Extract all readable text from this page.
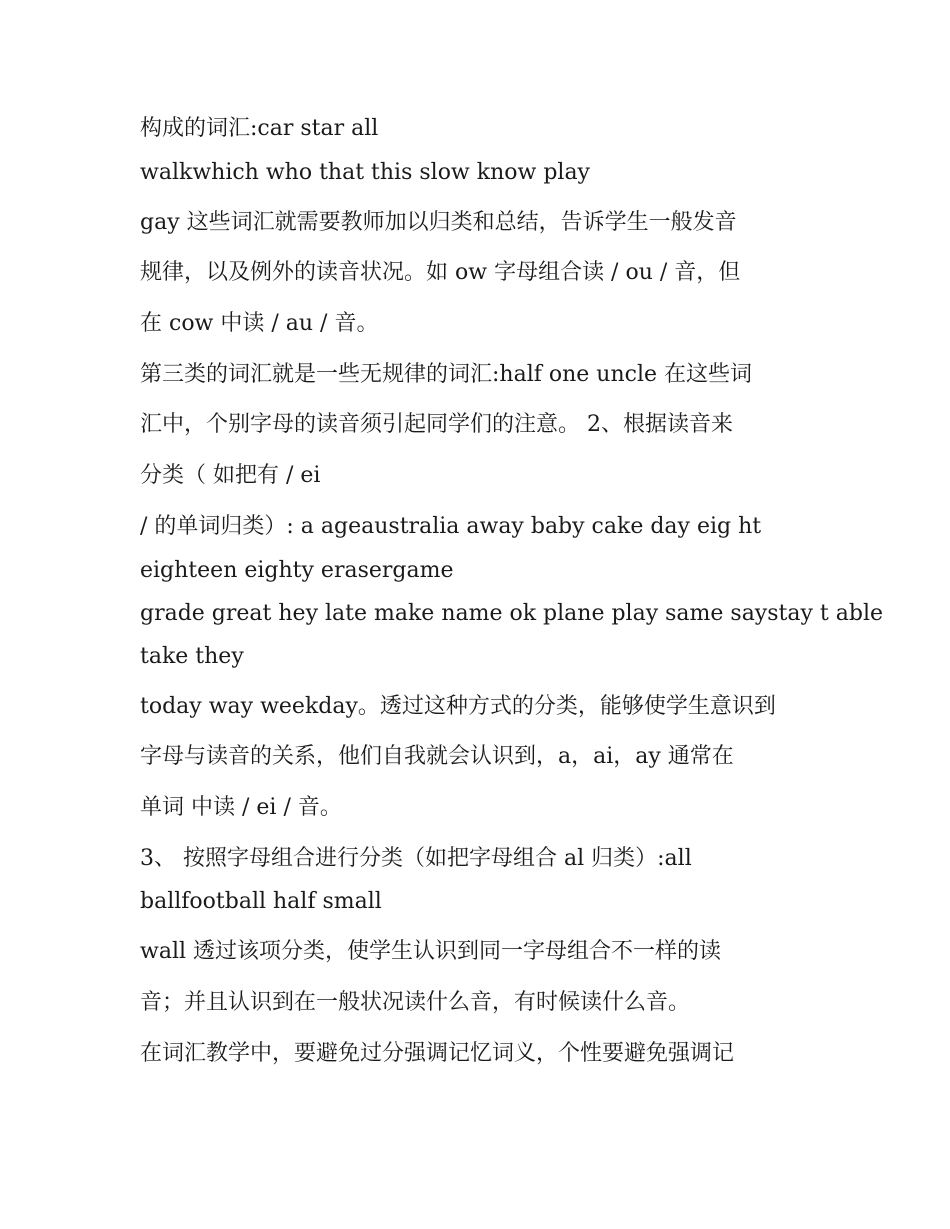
构成的词汇:car star all
walkwhich who that this slow know play
gay 这些词汇就需要教师加以归类和总结，告诉学生一般发音
规律，以及例外的读音状况。如 ow 字母组合读 / ou / 音，但
在 cow 中读 / au / 音。
第三类的词汇就是一些无规律的词汇:half one uncle 在这些词
汇中，个别字母的读音须引起同学们的注意。 2、根据读音来
分类（ 如把有 / ei
/ 的单词归类）: a ageaustralia away baby cake day eig ht
eighteen eighty erasergame
grade great hey late make name ok plane play same saystay t able
take they
today way weekday。透过这种方式的分类，能够使学生意识到
字母与读音的关系，他们自我就会认识到，a，ai，ay 通常在
单词 中读 / ei / 音。
3、 按照字母组合进行分类（如把字母组合 al 归类）:all
ballfootball half small
wall 透过该项分类，使学生认识到同一字母组合不一样的读
音；并且认识到在一般状况读什么音，有时候读什么音。
在词汇教学中，要避免过分强调记忆词义，个性要避免强调记
